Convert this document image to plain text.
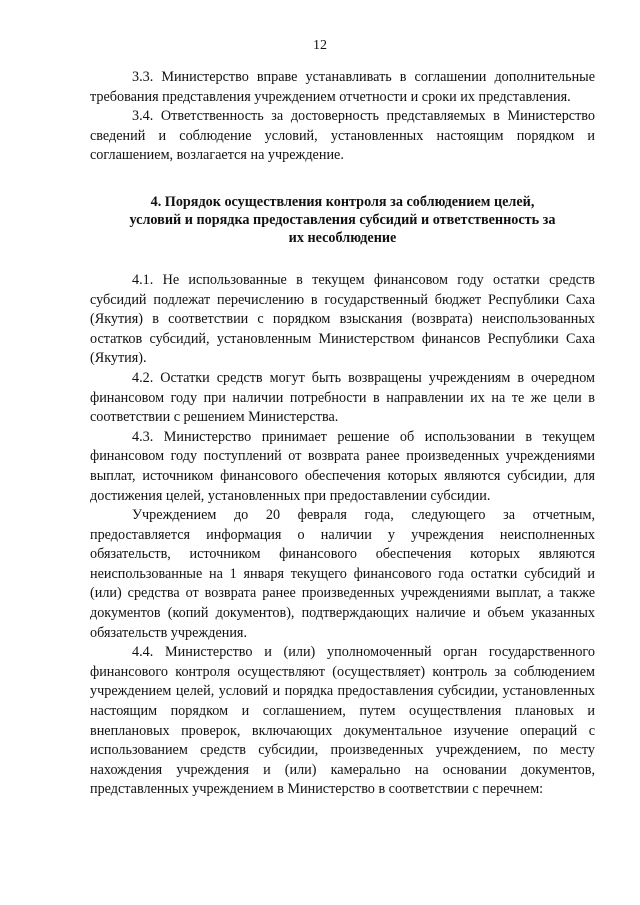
12

3.3. Министерство вправе устанавливать в соглашении дополнительные требования представления учреждением отчетности и сроки их представления.

3.4. Ответственность за достоверность представляемых в Министерство сведений и соблюдение условий, установленных настоящим порядком и соглашением, возлагается на учреждение.

4. Порядок осуществления контроля за соблюдением целей, условий и порядка предоставления субсидий и ответственность за их несоблюдение

4.1. Не использованные в текущем финансовом году остатки средств субсидий подлежат перечислению в государственный бюджет Республики Саха (Якутия) в соответствии с порядком взыскания (возврата) неиспользованных остатков субсидий, установленным Министерством финансов Республики Саха (Якутия).

4.2. Остатки средств могут быть возвращены учреждениям в очередном финансовом году при наличии потребности в направлении их на те же цели в соответствии с решением Министерства.

4.3. Министерство принимает решение об использовании в текущем финансовом году поступлений от возврата ранее произведенных учреждениями выплат, источником финансового обеспечения которых являются субсидии, для достижения целей, установленных при предоставлении субсидии.

Учреждением до 20 февраля года, следующего за отчетным, предоставляется информация о наличии у учреждения неисполненных обязательств, источником финансового обеспечения которых являются неиспользованные на 1 января текущего финансового года остатки субсидий и (или) средства от возврата ранее произведенных учреждениями выплат, а также документов (копий документов), подтверждающих наличие и объем указанных обязательств учреждения.

4.4. Министерство и (или) уполномоченный орган государственного финансового контроля осуществляют (осуществляет) контроль за соблюдением учреждением целей, условий и порядка предоставления субсидии, установленных настоящим порядком и соглашением, путем осуществления плановых и внеплановых проверок, включающих документальное изучение операций с использованием средств субсидии, произведенных учреждением, по месту нахождения учреждения и (или) камерально на основании документов, представленных учреждением в Министерство в соответствии с перечнем:
